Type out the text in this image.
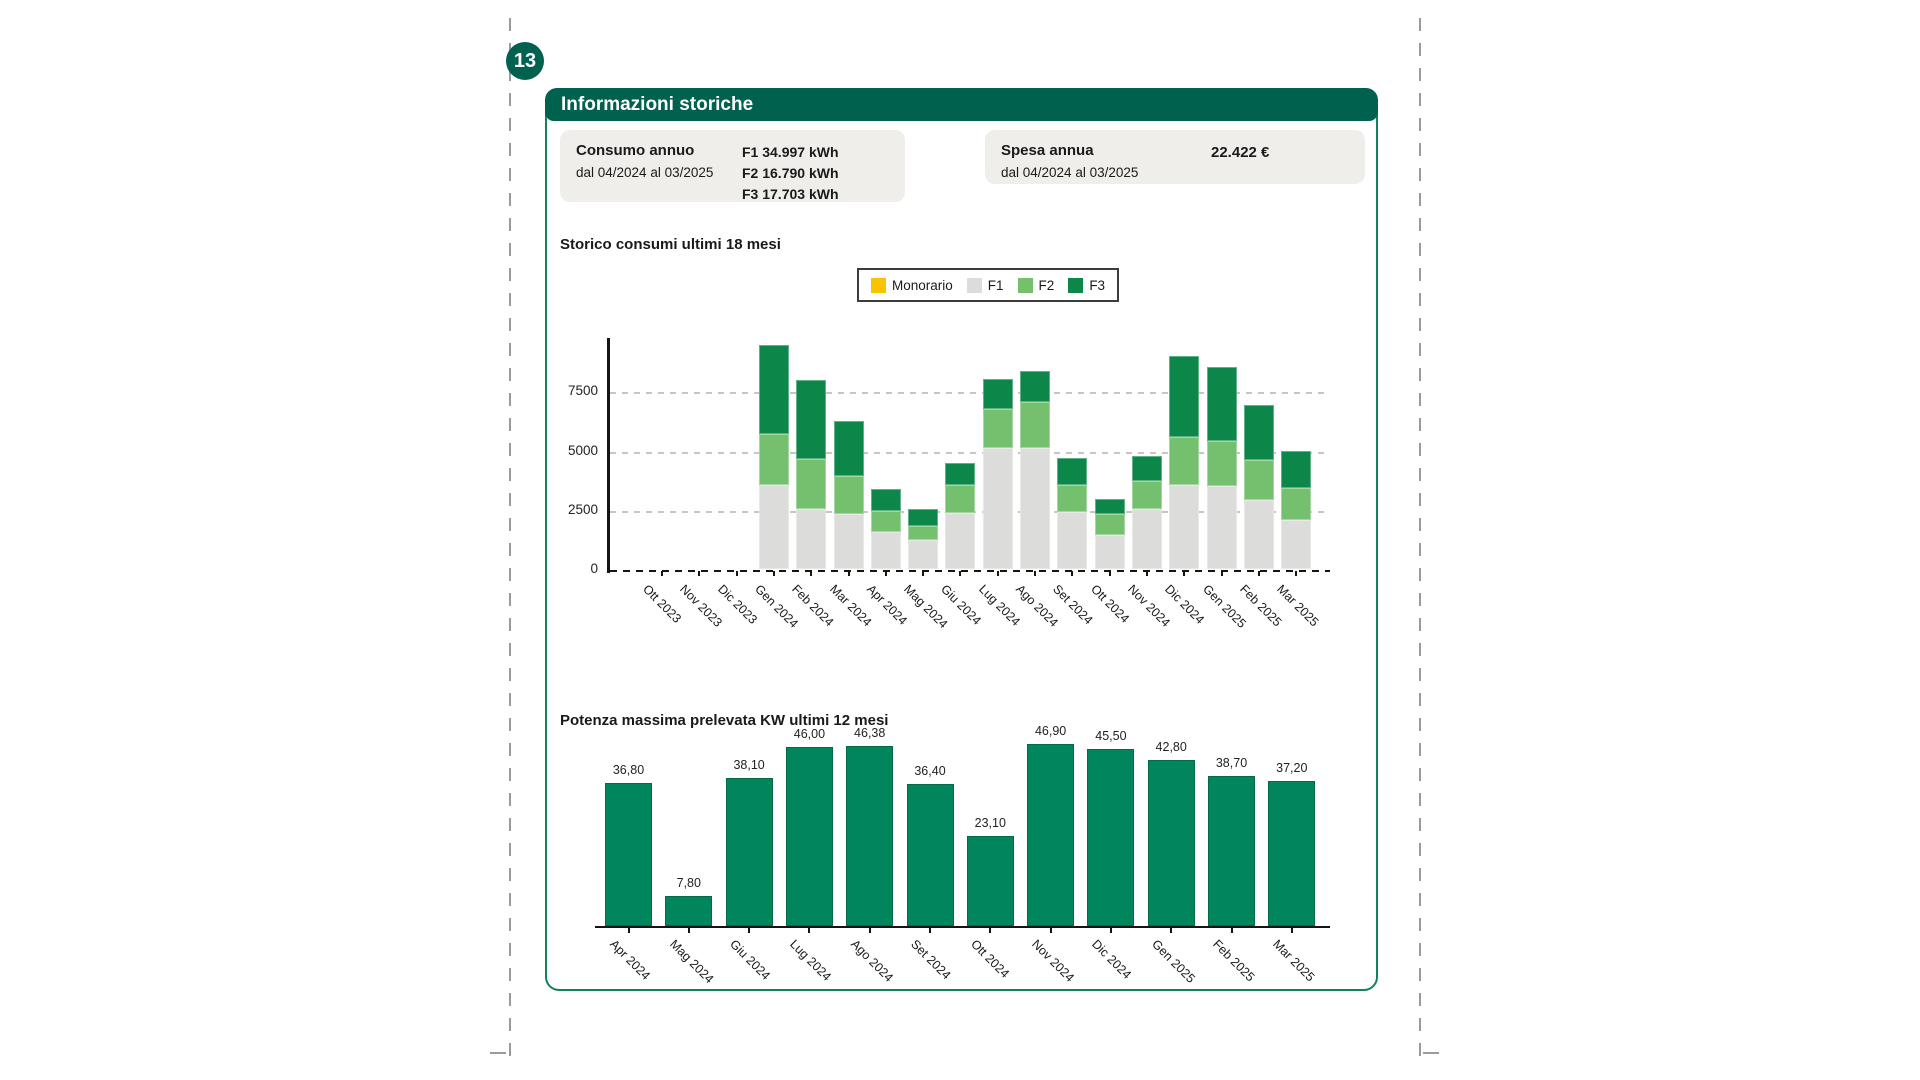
13
Informazioni storiche
Consumo annuo
dal 04/2024 al 03/2025
F1 34.997 kWh
F2 16.790 kWh
F3 17.703 kWh
Spesa annua
dal 04/2024 al 03/2025
22.422 €
Storico consumi ultimi 18 mesi
Monorario	F1	F2	F3
0
2500
5000
7500
Ott 2023
Nov 2023
Dic 2023
Gen 2024
Feb 2024
Mar 2024
Apr 2024
Mag 2024
Giu 2024
Lug 2024
Ago 2024
Set 2024
Ott 2024
Nov 2024
Dic 2024
Gen 2025
Feb 2025
Mar 2025
Potenza massima prelevata KW ultimi 12 mesi
36,80
Apr 2024
7,80
Mag 2024
38,10
Giu 2024
46,00
Lug 2024
46,38
Ago 2024
36,40
Set 2024
23,10
Ott 2024
46,90
Nov 2024
45,50
Dic 2024
42,80
Gen 2025
38,70
Feb 2025
37,20
Mar 2025
